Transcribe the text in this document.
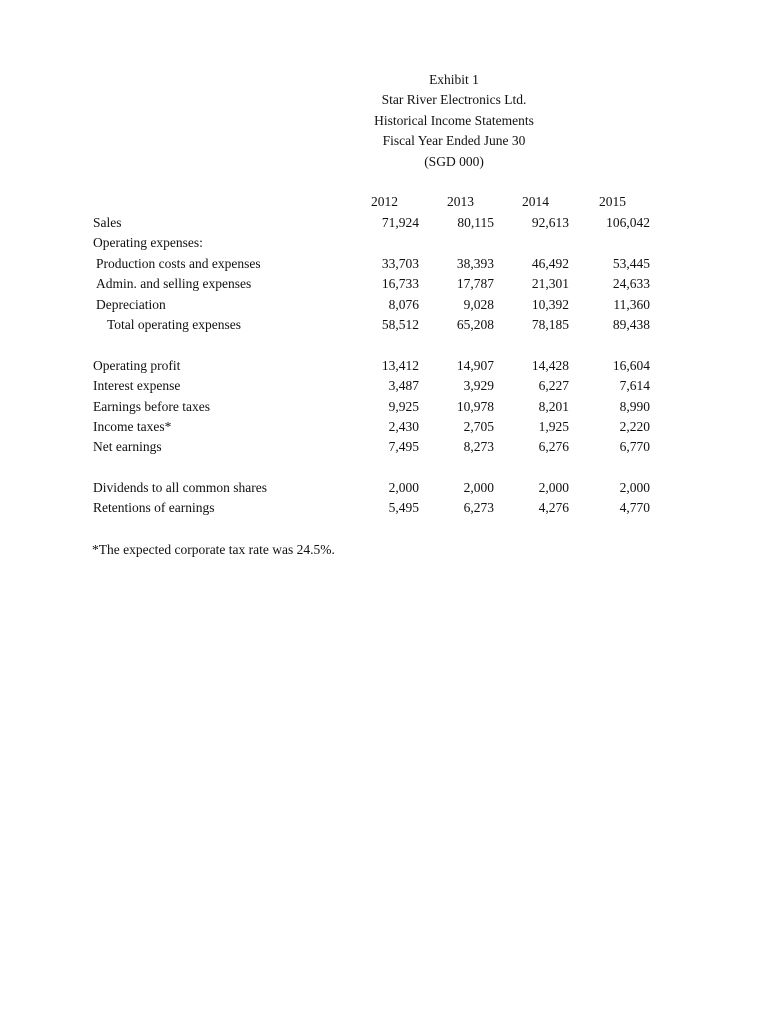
Exhibit 1
Star River Electronics Ltd.
Historical Income Statements
Fiscal Year Ended June 30
(SGD 000)
2012	2013	2014	2015
Sales	71,924	80,115	92,613	106,042
Operating expenses:
Production costs and expenses	33,703	38,393	46,492	53,445
Admin. and selling expenses	16,733	17,787	21,301	24,633
Depreciation	8,076	9,028	10,392	11,360
Total operating expenses	58,512	65,208	78,185	89,438
Operating profit	13,412	14,907	14,428	16,604
Interest expense	3,487	3,929	6,227	7,614
Earnings before taxes	9,925	10,978	8,201	8,990
Income taxes*	2,430	2,705	1,925	2,220
Net earnings	7,495	8,273	6,276	6,770
Dividends to all common shares	2,000	2,000	2,000	2,000
Retentions of earnings	5,495	6,273	4,276	4,770
*The expected corporate tax rate was 24.5%.
